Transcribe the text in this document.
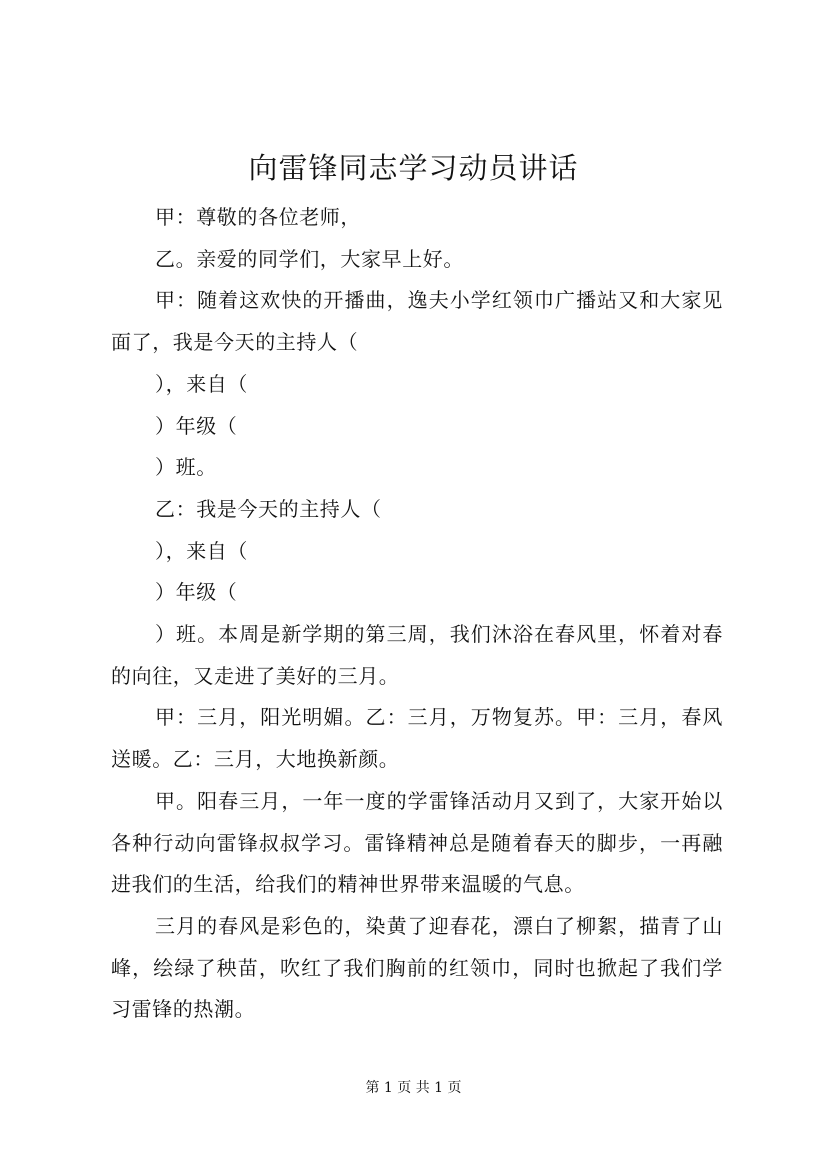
向雷锋同志学习动员讲话

甲：尊敬的各位老师，

乙。亲爱的同学们，大家早上好。

甲：随着这欢快的开播曲，逸夫小学红领巾广播站又和大家见面了，我是今天的主持人（

），来自（

）年级（

）班。

乙：我是今天的主持人（

），来自（

）年级（

）班。本周是新学期的第三周，我们沐浴在春风里，怀着对春的向往，又走进了美好的三月。

甲：三月，阳光明媚。乙：三月，万物复苏。甲：三月，春风送暖。乙：三月，大地换新颜。

甲。阳春三月，一年一度的学雷锋活动月又到了，大家开始以各种行动向雷锋叔叔学习。雷锋精神总是随着春天的脚步，一再融进我们的生活，给我们的精神世界带来温暖的气息。

三月的春风是彩色的，染黄了迎春花，漂白了柳絮，描青了山峰，绘绿了秧苗，吹红了我们胸前的红领巾，同时也掀起了我们学习雷锋的热潮。

第 1 页 共 1 页
